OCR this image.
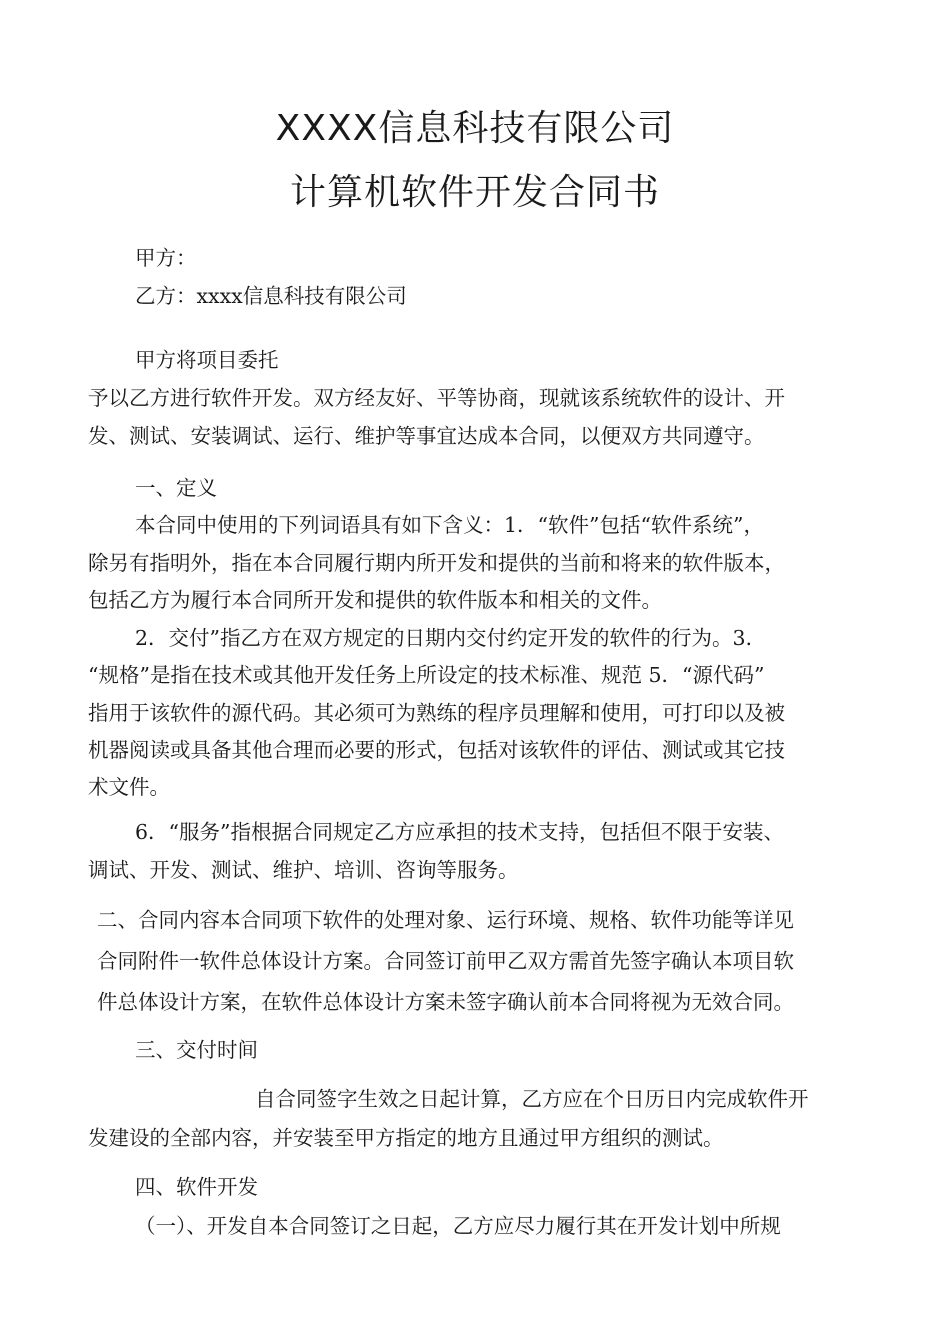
XXXX信息科技有限公司
计算机软件开发合同书

甲方：

乙方：xxxx信息科技有限公司

甲方将项目委托

予以乙方进行软件开发。双方经友好、平等协商，现就该系统软件的设计、开

发、测试、安装调试、运行、维护等事宜达成本合同，以便双方共同遵守。

一、定义

本合同中使用的下列词语具有如下含义：1．“软件”包括“软件系统”，

除另有指明外，指在本合同履行期内所开发和提供的当前和将来的软件版本，

包括乙方为履行本合同所开发和提供的软件版本和相关的文件。

2．交付”指乙方在双方规定的日期内交付约定开发的软件的行为。3．

“规格”是指在技术或其他开发任务上所设定的技术标准、规范 5．“源代码”

指用于该软件的源代码。其必须可为熟练的程序员理解和使用，可打印以及被

机器阅读或具备其他合理而必要的形式，包括对该软件的评估、测试或其它技

术文件。

6．“服务”指根据合同规定乙方应承担的技术支持，包括但不限于安装、

调试、开发、测试、维护、培训、咨询等服务。

二、合同内容本合同项下软件的处理对象、运行环境、规格、软件功能等详见

合同附件一软件总体设计方案。合同签订前甲乙双方需首先签字确认本项目软

件总体设计方案，在软件总体设计方案未签字确认前本合同将视为无效合同。

三、交付时间

自合同签字生效之日起计算，乙方应在个日历日内完成软件开

发建设的全部内容，并安装至甲方指定的地方且通过甲方组织的测试。

四、软件开发

（一）、开发自本合同签订之日起，乙方应尽力履行其在开发计划中所规
